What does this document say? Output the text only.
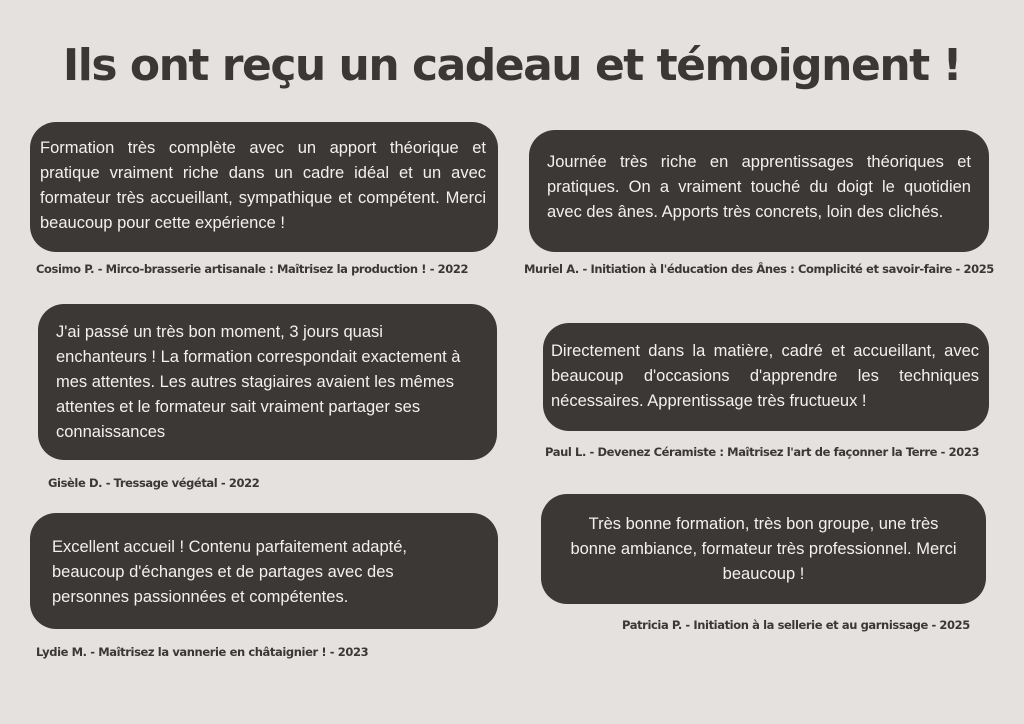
Ils ont reçu un cadeau et témoignent !
Formation très complète avec un apport théorique et pratique vraiment riche dans un cadre idéal et un avec formateur très accueillant, sympathique et compétent. Merci beaucoup pour cette expérience !
Cosimo P. - Mirco-brasserie artisanale : Maîtrisez la production ! - 2022
Journée très riche en apprentissages théoriques et pratiques. On a vraiment touché du doigt le quotidien avec des ânes. Apports très concrets, loin des clichés.
Muriel A. - Initiation à l'éducation des Ânes : Complicité et savoir-faire - 2025
J'ai passé un très bon moment, 3 jours quasi enchanteurs ! La formation correspondait exactement à mes attentes. Les autres stagiaires avaient les mêmes attentes et le formateur sait vraiment partager ses connaissances
Gisèle D. - Tressage végétal - 2022
Directement dans la matière, cadré et accueillant, avec beaucoup d'occasions d'apprendre les techniques nécessaires. Apprentissage très fructueux !
Paul L. - Devenez Céramiste : Maîtrisez l'art de façonner la Terre - 2023
Excellent accueil ! Contenu parfaitement adapté, beaucoup d'échanges et de partages avec des personnes passionnées et compétentes.
Lydie M. - Maîtrisez la vannerie en châtaignier ! - 2023
Très bonne formation, très bon groupe, une très bonne ambiance, formateur très professionnel. Merci beaucoup !
Patricia P. - Initiation à la sellerie et au garnissage - 2025
